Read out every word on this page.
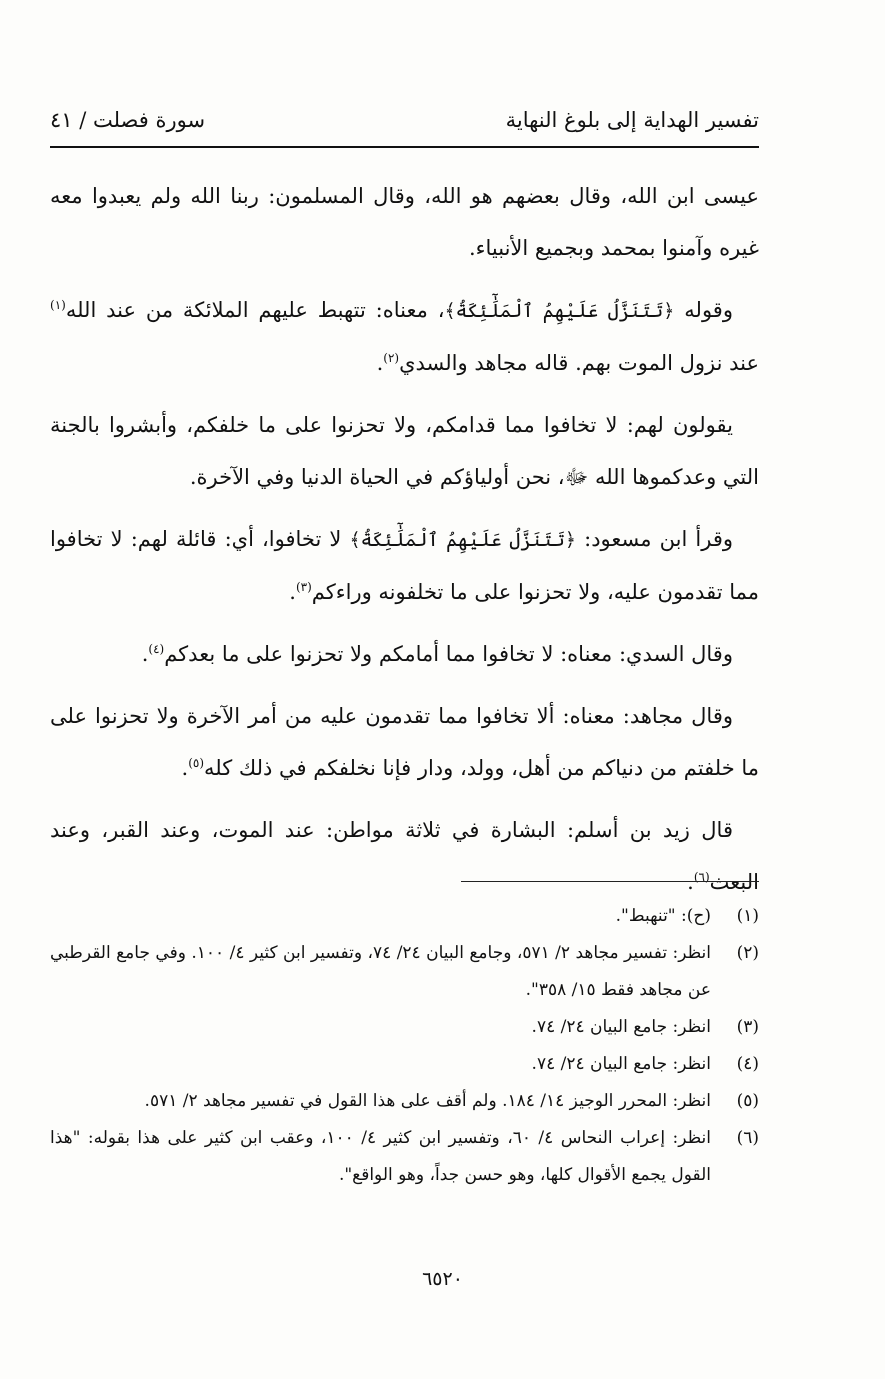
تفسير الهداية إلى بلوغ النهاية
سورة فصلت / ٤١

عيسى ابن الله، وقال بعضهم هو الله، وقال المسلمون: ربنا الله ولم يعبدوا معه غيره وآمنوا بمحمد وبجميع الأنبياء.

وقوله ﴿تَتَنَزَّلُ عَلَيْهِمُ ٱلْمَلَٰٓئِكَةُ﴾، معناه: تتهبط عليهم الملائكة من عند الله$^{(١)}$ عند نزول الموت بهم. قاله مجاهد والسدي$^{(٢)}$.

يقولون لهم: لا تخافوا مما قدامكم، ولا تحزنوا على ما خلفكم، وأبشروا بالجنة التي وعدكموها الله ﷻ، نحن أولياؤكم في الحياة الدنيا وفي الآخرة.

وقرأ ابن مسعود: ﴿تَتَنَزَّلُ عَلَيْهِمُ ٱلْمَلَٰٓئِكَةُ﴾ لا تخافوا، أي: قائلة لهم: لا تخافوا مما تقدمون عليه، ولا تحزنوا على ما تخلفونه وراءكم$^{(٣)}$.

وقال السدي: معناه: لا تخافوا مما أمامكم ولا تحزنوا على ما بعدكم$^{(٤)}$.

وقال مجاهد: معناه: ألا تخافوا مما تقدمون عليه من أمر الآخرة ولا تحزنوا على ما خلفتم من دنياكم من أهل، وولد، ودار فإنا نخلفكم في ذلك كله$^{(٥)}$.

قال زيد بن أسلم: البشارة في ثلاثة مواطن: عند الموت، وعند القبر، وعند البعث$^{(٦)}$.

(١)
(ح): "تنهبط".
(٢)
انظر: تفسير مجاهد ٢/ ٥٧١، وجامع البيان ٢٤/ ٧٤، وتفسير ابن كثير ٤/ ١٠٠. وفي جامع القرطبي عن مجاهد فقط ١٥/ ٣٥٨".
(٣)
انظر: جامع البيان ٢٤/ ٧٤.
(٤)
انظر: جامع البيان ٢٤/ ٧٤.
(٥)
انظر: المحرر الوجيز ١٤/ ١٨٤. ولم أقف على هذا القول في تفسير مجاهد ٢/ ٥٧١.
(٦)
انظر: إعراب النحاس ٤/ ٦٠، وتفسير ابن كثير ٤/ ١٠٠، وعقب ابن كثير على هذا بقوله: "هذا القول يجمع الأقوال كلها، وهو حسن جداً، وهو الواقع".
٦٥٢٠
